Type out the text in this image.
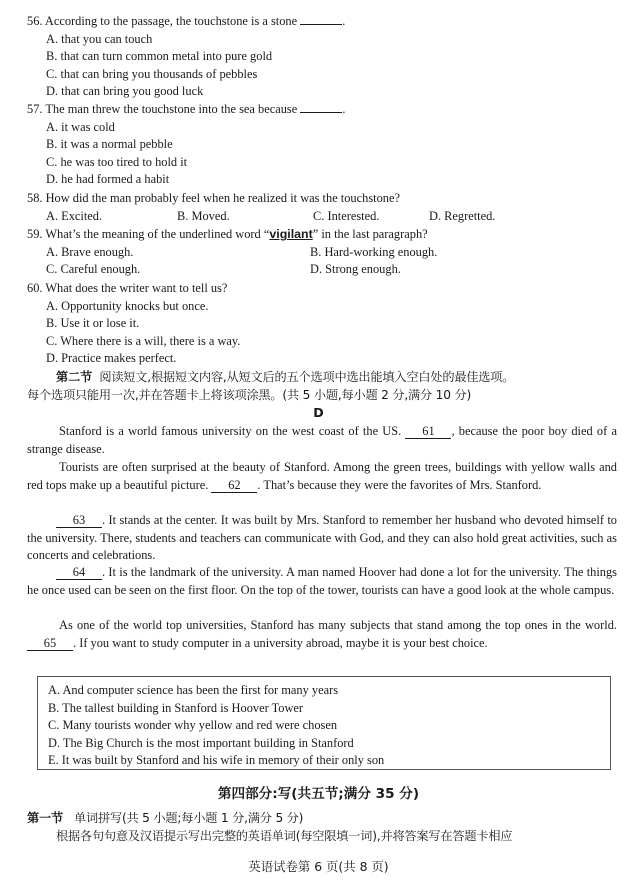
56. According to the passage, the touchstone is a stone	.
A. that you can touch
B. that can turn common metal into pure gold
C. that can bring you thousands of pebbles
D. that can bring you good luck
57. The man threw the touchstone into the sea because	.
A. it was cold
B. it was a normal pebble
C. he was too tired to hold it
D. he had formed a habit
58. How did the man probably feel when he realized it was the touchstone?
A. Excited.	B. Moved.	C. Interested.	D. Regretted.
59. What’s the meaning of the underlined word “vigilant” in the last paragraph?
A. Brave enough.	B. Hard-working enough.
C. Careful enough.	D. Strong enough.
60. What does the writer want to tell us?
A. Opportunity knocks but once.
B. Use it or lose it.
C. Where there is a will, there is a way.
D. Practice makes perfect.
第二节 阅读短文,根据短文内容,从短文后的五个选项中选出能填入空白处的最佳选项。
每个选项只能用一次,并在答题卡上将该项涂黑。(共 5 小题,每小题 2 分,满分 10 分)
D
Stanford is a world famous university on the west coast of the US. 61 , because the poor boy died of a strange disease.
Tourists are often surprised at the beauty of Stanford. Among the green trees, buildings with yellow walls and red tops make up a beautiful picture. 62 . That’s because they were the favorites of Mrs. Stanford.
63 . It stands at the center. It was built by Mrs. Stanford to remember her husband who devoted himself to the university. There, students and teachers can communicate with God, and they can also hold great activities, such as concerts and celebrations.
64 . It is the landmark of the university. A man named Hoover had done a lot for the university. The things he once used can be seen on the first floor. On the top of the tower, tourists can have a good look at the whole campus.
As one of the world top universities, Stanford has many subjects that stand among the top ones in the world. 65 . If you want to study computer in a university abroad, maybe it is your best choice.
A. And computer science has been the first for many years
B. The tallest building in Stanford is Hoover Tower
C. Many tourists wonder why yellow and red were chosen
D. The Big Church is the most important building in Stanford
E. It was built by Stanford and his wife in memory of their only son
第四部分:写(共五节;满分 35 分)
第一节 单词拼写(共 5 小题;每小题 1 分,满分 5 分)
根据各句句意及汉语提示写出完整的英语单词(每空限填一词),并将答案写在答题卡相应
英语试卷第 6 页(共 8 页)
